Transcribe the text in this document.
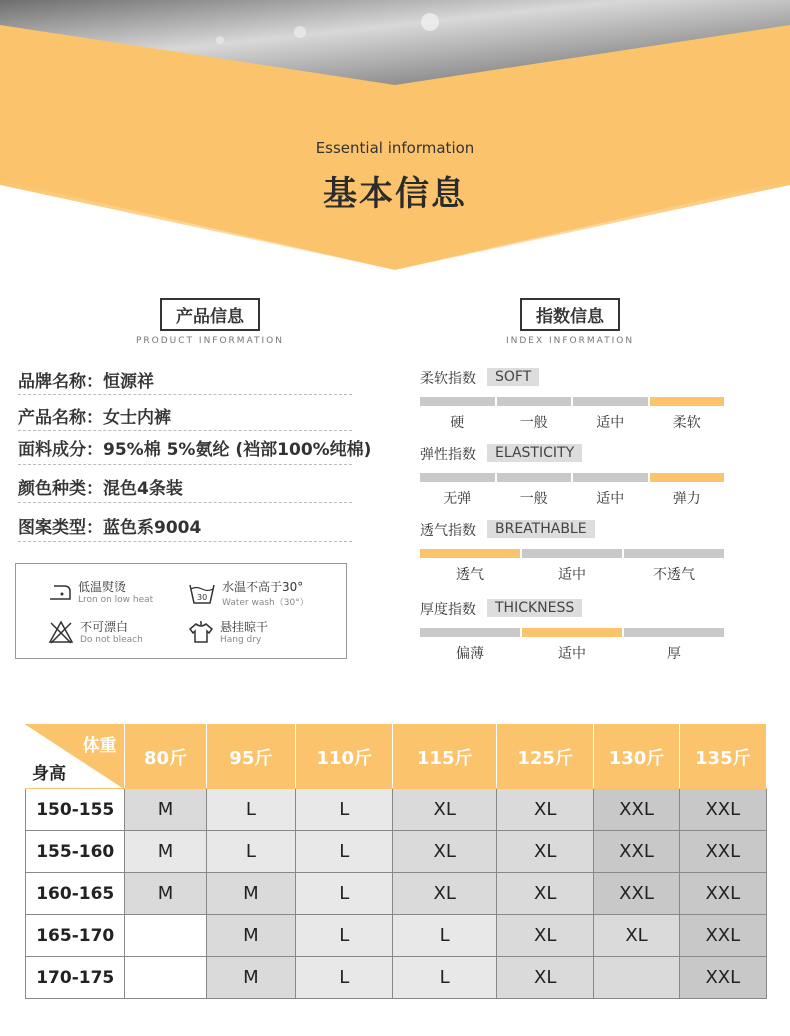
Essential information
基本信息
产品信息
PRODUCT INFORMATION
指数信息
INDEX INFORMATION
品牌名称：恒源祥
产品名称：女士内裤
面料成分：95%棉 5%氨纶 (裆部100%纯棉)
颜色种类：混色4条装
图案类型：蓝色系9004
低温熨烫
Lron on low heat	30
水温不高于30°
Water wash（30°）
不可漂白
Do not bleach
悬挂晾干
Hang dry
柔软指数	SOFT
硬	一般	适中	柔软
弹性指数	ELASTICITY
无弹	一般	适中	弹力
透气指数	BREATHABLE
透气	适中	不透气
厚度指数	THICKNESS
偏薄	适中	厚
体重
身高	80斤	95斤	110斤	115斤	125斤	130斤	135斤
150-155	M	L	L	XL	XL	XXL	XXL
155-160	M	L	L	XL	XL	XXL	XXL
160-165	M	M	L	XL	XL	XXL	XXL
165-170		M	L	L	XL	XL	XXL
170-175		M	L	L	XL		XXL
